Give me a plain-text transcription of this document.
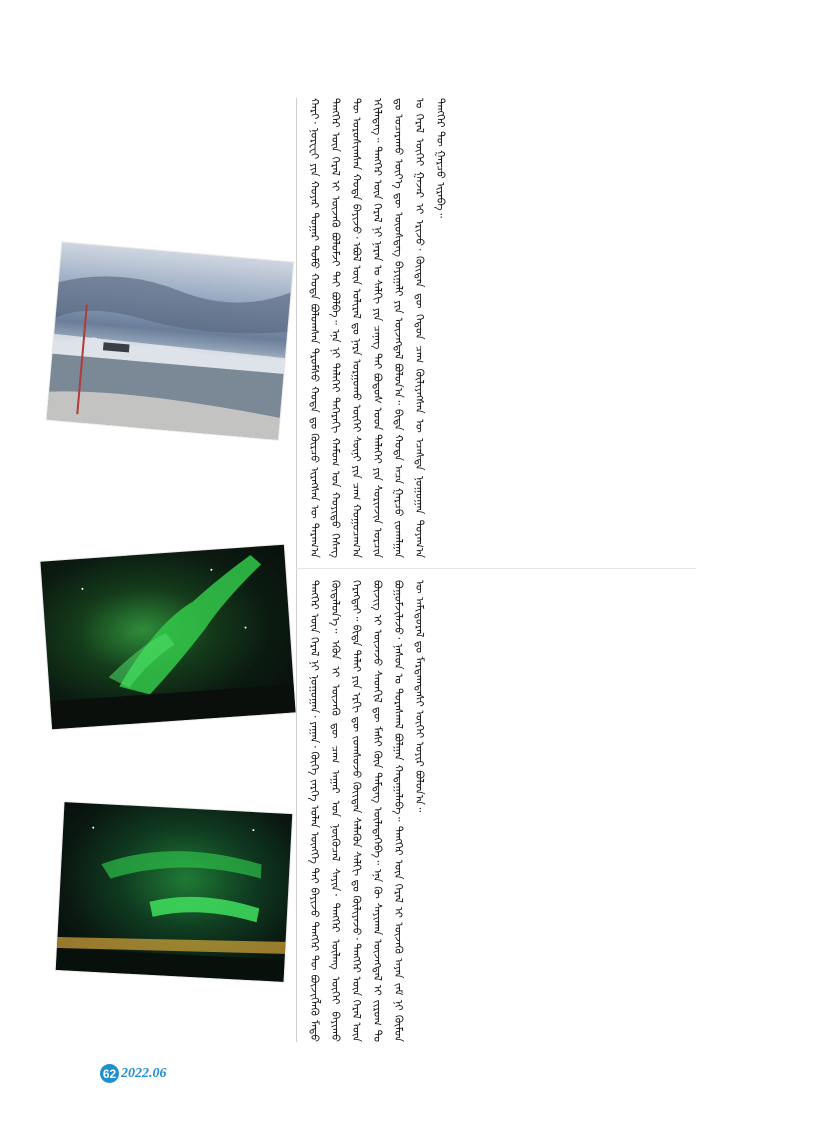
ᠬᠠᠷᠢ᠂ ᠨᠣᠷᠸᠧᠢ ᠶᠢᠨ ᠬᠣᠶᠠᠷ ᠳᠤᠭᠠᠷ ᠲᠣᠮᠣ ᠬᠣᠲᠠ ᠪᠣᠯᠤᠭᠰᠠᠨ ᠲᠷᠣᠮᠰᠥ ᠬᠣᠲᠠ ᠳᠤ ᠬᠦᠷᠴᠦ ᠢᠷᠡᠭᠰᠡᠨ ᠦ ᠳᠠᠷᠠᠭ᠎ᠠ ᠲᠡᠩᠭᠡᠷ ᠦᠨ ᠭᠡᠷᠡᠯ ᠢ ᠦᠵᠡᠬᠦ ᠪᠣᠯᠤᠮᠵᠢ ᠲᠠᠢ ᠪᠣᠯᠪᠠ᠃ ᠡᠨᠡ ᠨᠢ ᠳᠡᠯᠡᠬᠡᠢ ᠳᠡᠭᠡᠷᠡᠬᠢ ᠬᠠᠮᠤᠭ ᠤᠨ ᠬᠣᠶᠢᠳᠤ ᠬᠡᠰᠡᠭ ᠲᠦ ᠣᠷᠣᠰᠢᠭᠰᠠᠨ ᠬᠣᠲᠠ ᠪᠠᠶᠢᠵᠤ᠂ ᠡᠪᠦᠯ ᠦᠨ ᠤᠯᠢᠷᠠᠯ ᠳᠤ ᠨᠠᠷᠠ ᠤᠷᠭᠤᠬᠤ ᠦᠭᠡᠢ ᠰᠦᠨᠢ ᠶᠢᠨ ᠴᠠᠭ ᠬᠤᠭᠤᠴᠠᠭ᠎ᠠ ᠡᠬᠢᠯᠡᠳᠡᠭ᠃ ᠲᠡᠩᠭᠡᠷ ᠦᠨ ᠭᠡᠷᠡᠯ ᠨᠢ ᠨᠠᠷᠠᠨ ᠤ ᠰᠠᠯᠬᠢ ᠶᠢᠨ ᠴᠡᠨᠡᠭ ᠲᠡᠢ ᠪᠣᠳᠤᠰ ᠤᠳ ᠳᠡᠯᠡᠬᠡᠢ ᠶᠢᠨ ᠰᠣᠷᠢᠨᠵᠢᠨ ᠣᠷᠴᠢᠨ ᠳᠤ ᠤᠴᠠᠷᠠᠬᠤ ᠦᠶ᠎ᠡ ᠳᠦ ᠦᠦᠰᠳᠡᠭ ᠪᠠᠶᠢᠭᠠᠯᠢ ᠶᠢᠨ ᠦᠵᠡᠭᠳᠡᠯ ᠪᠣᠯᠤᠨ᠎ᠠ᠃ ᠪᠢᠳᠡ ᠬᠣᠲᠠ ᠠᠴᠠ ᠭᠠᠷᠴᠤ ᠵᠤᠬᠠᠯᠭᠠᠨ ᠤ ᠭᠡᠷᠡᠯ ᠦᠭᠡᠢ ᠭᠠᠵᠠᠷ ᠢ ᠡᠷᠢᠵᠦ᠂ ᠬᠦᠢᠲᠡᠨ ᠳᠦ ᠬᠡᠳᠦᠨ ᠴᠠᠭ ᠬᠦᠯᠢᠶᠡᠭᠰᠡᠨ ᠦ ᠡᠴᠡᠰᠲᠡ ᠨᠣᠭᠤᠭᠠᠨ ᠲᠤᠶᠠᠭ᠎ᠠ ᠲᠡᠩᠭᠡᠷ ᠲᠦ ᠭᠠᠷᠴᠤ ᠢᠷᠡᠪᠡ᠃
ᠲᠡᠩᠭᠡᠷ ᠦᠨ ᠭᠡᠷᠡᠯ ᠨᠢ ᠨᠣᠭᠤᠭᠠᠨ᠂ ᠶᠠᠭᠠᠨ᠂ ᠬᠥᠬᠡ ᠵᠡᠷᠭᠡ ᠣᠯᠠᠨ ᠥᠩᠭᠡ ᠲᠡᠢ ᠪᠠᠶᠢᠵᠤ ᠲᠡᠩᠭᠡᠷ ᠲᠦ ᠪᠦᠵᠢᠭᠯᠡᠬᠦ ᠮᠡᠲᠦ ᠬᠥᠳᠡᠯᠦᠨ᠎ᠡ᠃ ᠡᠭᠦᠨ ᠢ ᠦᠵᠡᠬᠦ ᠳᠦ ᠴᠠᠭ ᠠᠭᠠᠷ ᠤᠨ ᠨᠥᠬᠦᠴᠡᠯ ᠰᠠᠶᠢᠨ᠂ ᠲᠡᠩᠭᠡᠷ ᠦᠯᠡᠩ ᠦᠭᠡᠢ ᠪᠠᠶᠢᠬᠤ ᠬᠡᠷᠡᠭᠲᠡᠢ᠃ ᠪᠢᠳᠡ ᠳᠠᠯᠠᠢ ᠶᠢᠨ ᠡᠷᠭᠢ ᠳᠦ ᠵᠣᠭᠰᠣᠵᠤ ᠬᠦᠢᠲᠡᠨ ᠰᠡᠯᠡᠭᠦᠨ ᠰᠠᠯᠬᠢ ᠳᠤ ᠬᠦᠯᠢᠶᠡᠵᠦ᠂ ᠲᠡᠩᠭᠡᠷ ᠦᠨ ᠭᠡᠷᠡᠯ ᠦᠨ ᠪᠦᠵᠢᠭ ᠢ ᠦᠵᠡᠵᠦ ᠰᠡᠳᠬᠢᠯ ᠳᠦ ᠮᠠᠰᠢ ᠭᠦᠨ ᠲᠡᠮᠳᠡᠭ ᠦᠯᠡᠳᠡᠭᠡᠪᠡ᠃ ᠡᠨᠡ ᠬᠦ ᠰᠠᠶᠢᠬᠠᠨ ᠦᠵᠡᠭᠳᠡᠯ ᠢ ᠵᠢᠷᠤᠭ ᠲᠤ ᠪᠣᠭᠣᠮᠵᠢᠯᠠᠵᠤ᠂ ᠨᠠᠰᠤᠨ ᠤ ᠳᠤᠷᠠᠰᠬᠠᠯ ᠪᠣᠯᠭᠠᠨ ᠬᠠᠳᠠᠭᠠᠯᠠᠪᠠ᠃ ᠲᠡᠩᠭᠡᠷ ᠦᠨ ᠭᠡᠷᠡᠯ ᠢ ᠦᠵᠡᠬᠦ ᠠᠶᠠᠨ ᠵᠠᠮ ᠨᠢ ᠬᠦᠮᠦᠨ ᠦ ᠠᠮᠢᠳᠤᠷᠠᠯ ᠳᠤ ᠮᠠᠷᠲᠠᠭᠳᠠᠰᠢ ᠦᠭᠡᠢ ᠣᠶᠢᠷ ᠪᠣᠯᠤᠨ᠎ᠠ᠃
62 2022.06
